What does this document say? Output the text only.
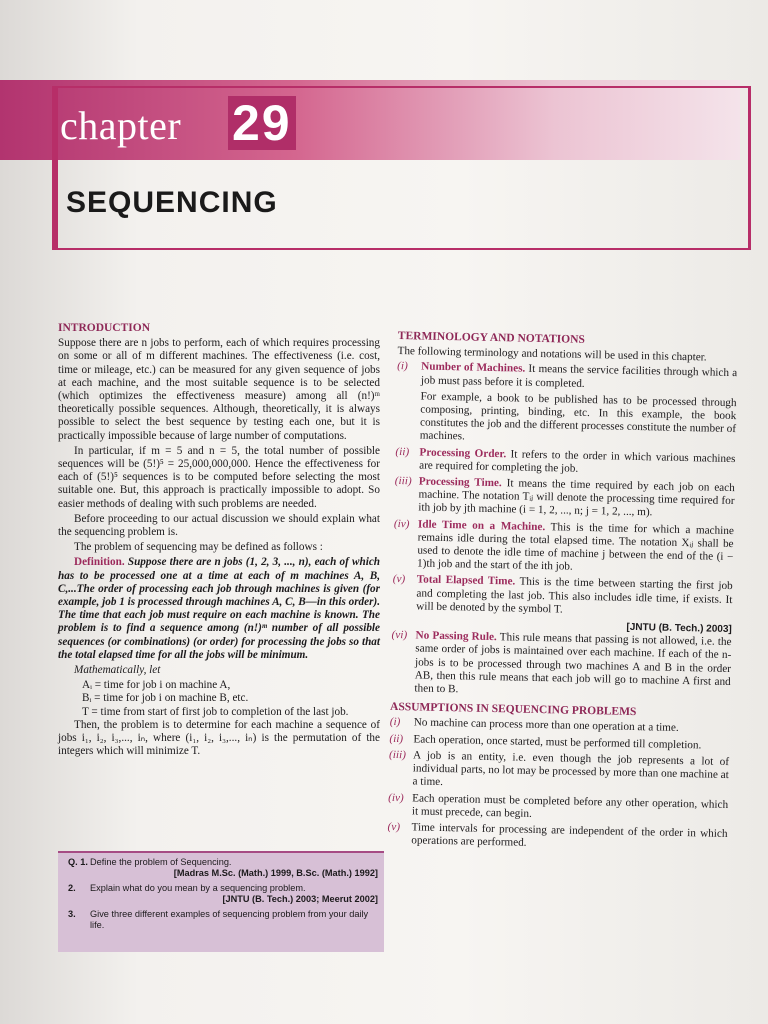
chapter 29
SEQUENCING
INTRODUCTION

Suppose there are n jobs to perform, each of which requires processing on some or all of m different machines. The effectiveness (i.e. cost, time or mileage, etc.) can be measured for any given sequence of jobs at each machine, and the most suitable sequence is to be selected (which optimizes the effectiveness measure) among all (n!)ᵐ theoretically possible sequences. Although, theoretically, it is always possible to select the best sequence by testing each one, but it is practically impossible because of large number of computations.

In particular, if m = 5 and n = 5, the total number of possible sequences will be (5!)⁵ = 25,000,000,000. Hence the effectiveness for each of (5!)⁵ sequences is to be computed before selecting the most suitable one. But, this approach is practically impossible to adopt. So easier methods of dealing with such problems are needed.

Before proceeding to our actual discussion we should explain what the sequencing problem is.

The problem of sequencing may be defined as follows :

Definition. Suppose there are n jobs (1, 2, 3, ..., n), each of which has to be processed one at a time at each of m machines A, B, C,...The order of processing each job through machines is given (for example, job 1 is processed through machines A, C, B—in this order). The time that each job must require on each machine is known. The problem is to find a sequence among (n!)ᵐ number of all possible sequences (or combinations) (or order) for processing the jobs so that the total elapsed time for all the jobs will be minimum.

Mathematically, let

Aᵢ = time for job i on machine A,

Bᵢ = time for job i on machine B, etc.

T = time from start of first job to completion of the last job.

Then, the problem is to determine for each machine a sequence of jobs i₁, i₂, i₃,..., iₙ, where (i₁, i₂, i₃,..., iₙ) is the permutation of the integers which will minimize T.

Q. 1. Define the problem of Sequencing.
[Madras M.Sc. (Math.) 1999, B.Sc. (Math.) 1992]
2.	Explain what do you mean by a sequencing problem.
[JNTU (B. Tech.) 2003; Meerut 2002]
3.	Give three different examples of sequencing problem from your daily life.
TERMINOLOGY AND NOTATIONS

The following terminology and notations will be used in this chapter.

(i)	Number of Machines. It means the service facilities through which a job must pass before it is completed.
For example, a book to be published has to be processed through composing, printing, binding, etc. In this example, the book constitutes the job and the different processes constitute the number of machines.
(ii) Processing Order. It refers to the order in which various machines are required for completing the job.
(iii) Processing Time. It means the time required by each job on each machine. The notation Tᵢⱼ will denote the processing time required for ith job by jth machine (i = 1, 2, ..., n; j = 1, 2, ..., m).
(iv) Idle Time on a Machine. This is the time for which a machine remains idle during the total elapsed time. The notation Xᵢⱼ shall be used to denote the idle time of machine j between the end of the (i − 1)th job and the start of the ith job.
(v)	Total Elapsed Time. This is the time between starting the first job and completing the last job. This also includes idle time, if exists. It will be denoted by the symbol T.
[JNTU (B. Tech.) 2003]
(vi) No Passing Rule. This rule means that passing is not allowed, i.e. the same order of jobs is maintained over each machine. If each of the n-jobs is to be processed through two machines A and B in the order AB, then this rule means that each job will go to machine A first and then to B.
ASSUMPTIONS IN SEQUENCING PROBLEMS
(i)	No machine can process more than one operation at a time.
(ii) Each operation, once started, must be performed till completion.
(iii) A job is an entity, i.e. even though the job represents a lot of individual parts, no lot may be processed by more than one machine at a time.
(iv) Each operation must be completed before any other operation, which it must precede, can begin.
(v)	Time intervals for processing are independent of the order in which operations are performed.
